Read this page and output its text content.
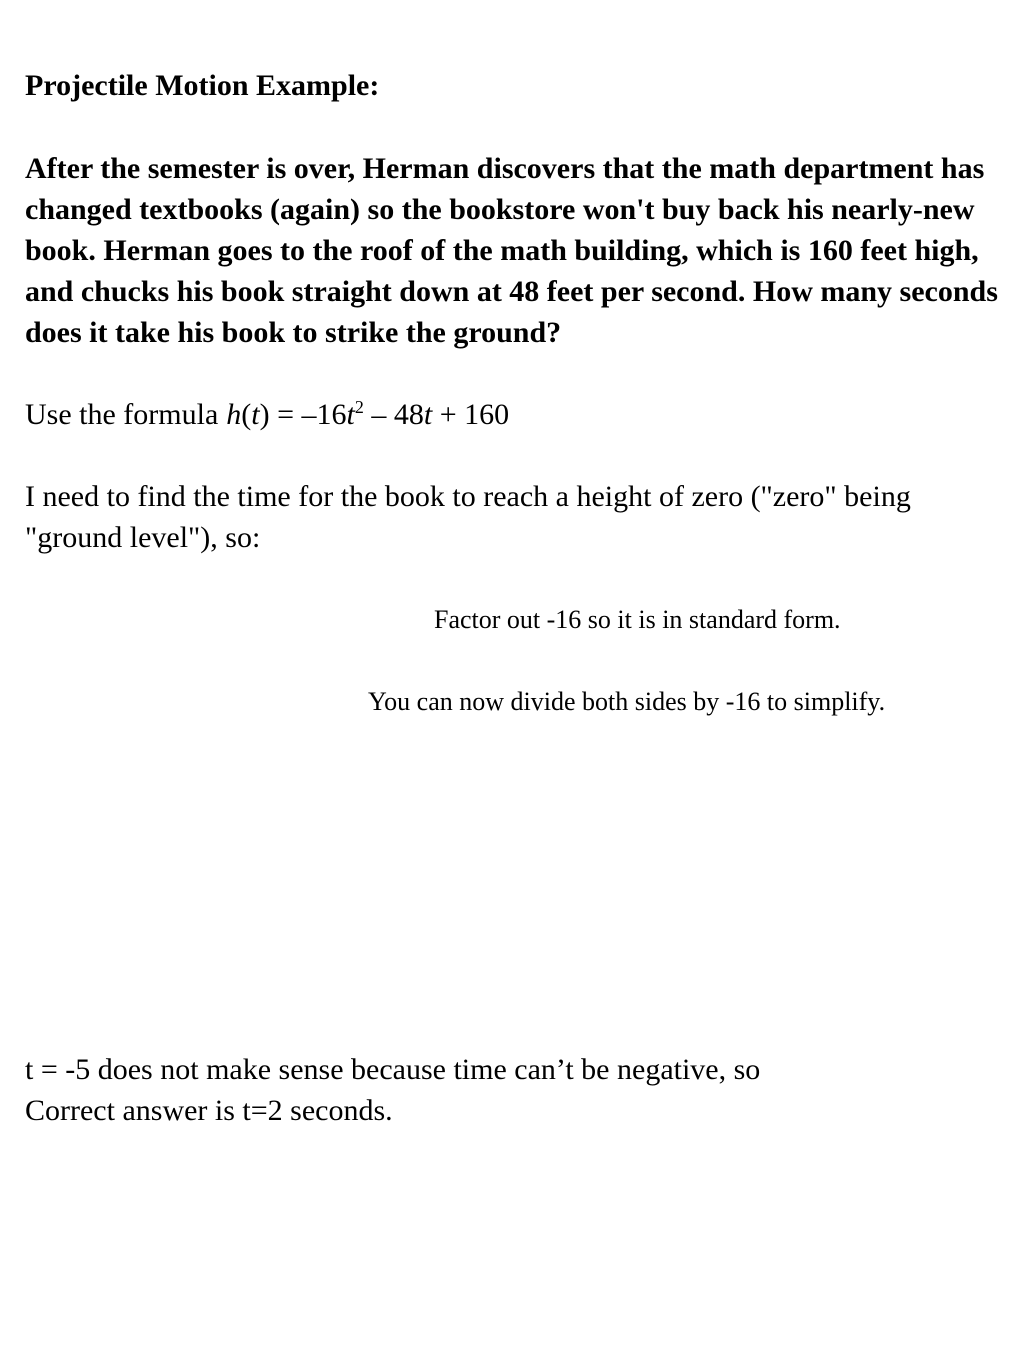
Projectile Motion Example:

After the semester is over, Herman discovers that the math department has changed textbooks (again) so the bookstore won't buy back his nearly-new book. Herman goes to the roof of the math building, which is 160 feet high, and chucks his book straight down at 48 feet per second. How many seconds does it take his book to strike the ground?

Use the formula $h(t) = -16t^2 - 48t + 160$

I need to find the time for the book to reach a height of zero ("zero" being "ground level"), so:

Factor out -16 so it is in standard form.

You can now divide both sides by -16 to simplify.

t = -5 does not make sense because time can’t be negative, so
Correct answer is t=2 seconds.
